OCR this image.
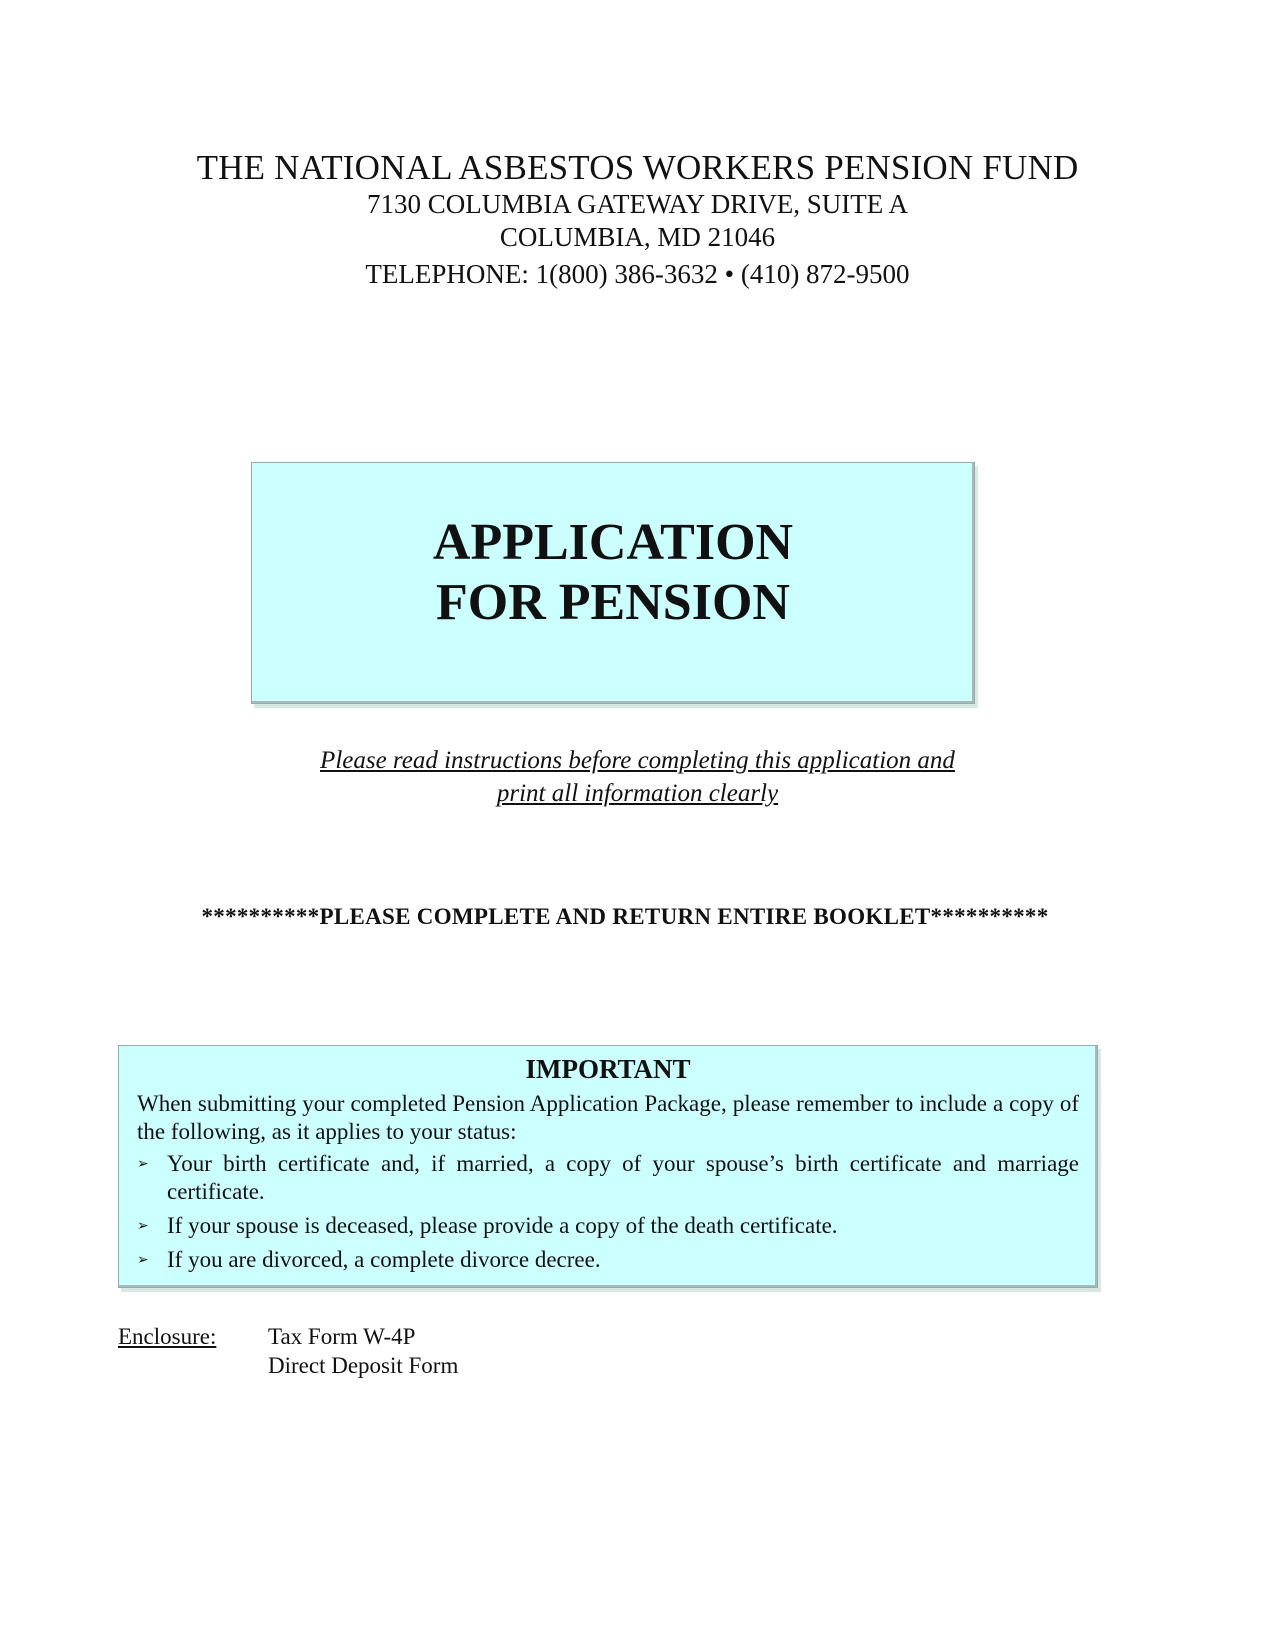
THE NATIONAL ASBESTOS WORKERS PENSION FUND
7130 COLUMBIA GATEWAY DRIVE, SUITE A
COLUMBIA, MD 21046
TELEPHONE: 1(800) 386-3632 • (410) 872-9500
APPLICATION
FOR PENSION
Please read instructions before completing this application and
print all information clearly
**********PLEASE COMPLETE AND RETURN ENTIRE BOOKLET**********
IMPORTANT
When submitting your completed Pension Application Package, please remember to include a copy of the following, as it applies to your status:
➢ Your birth certificate and, if married, a copy of your spouse’s birth certificate and marriage certificate.
➢ If your spouse is deceased, please provide a copy of the death certificate.
➢ If you are divorced, a complete divorce decree.
Enclosure: Tax Form W-4P
Direct Deposit Form
